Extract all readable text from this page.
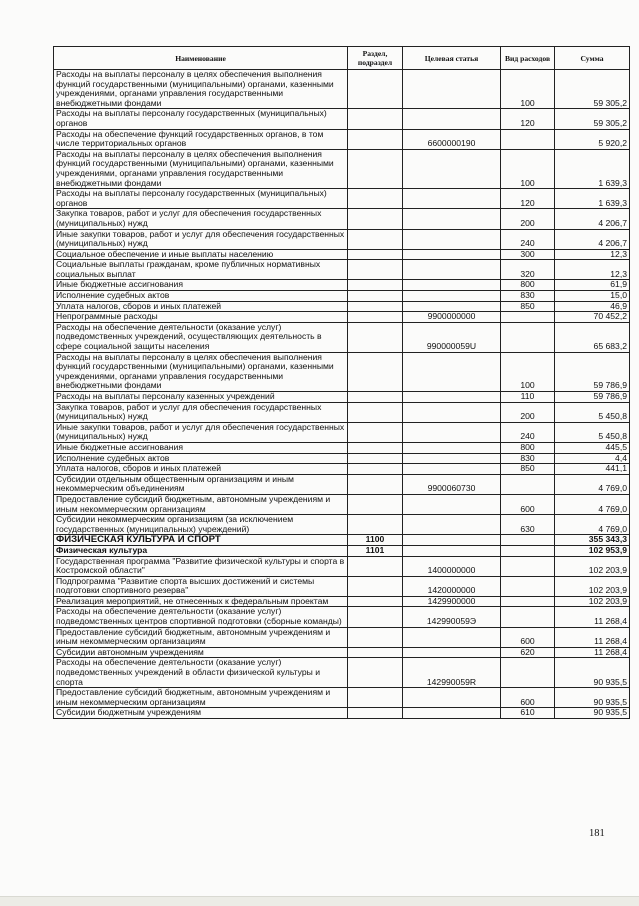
Наименование	Раздел, подраздел	Целевая статья	Вид расходов	Сумма
Расходы на выплаты персоналу в целях обеспечения выполнения функций государственными (муниципальными) органами, казенными учреждениями, органами управления государственными внебюджетными фондами			100	59 305,2
Расходы на выплаты персоналу государственных (муниципальных) органов			120	59 305,2
Расходы на обеспечение функций государственных органов, в том числе территориальных органов		6600000190		5 920,2
Расходы на выплаты персоналу в целях обеспечения выполнения функций государственными (муниципальными) органами, казенными учреждениями, органами управления государственными внебюджетными фондами			100	1 639,3
Расходы на выплаты персоналу государственных (муниципальных) органов			120	1 639,3
Закупка товаров, работ и услуг для обеспечения государственных (муниципальных) нужд			200	4 206,7
Иные закупки товаров, работ и услуг для обеспечения государственных (муниципальных) нужд			240	4 206,7
Социальное обеспечение и иные выплаты населению			300	12,3
Социальные выплаты гражданам, кроме публичных нормативных социальных выплат			320	12,3
Иные бюджетные ассигнования			800	61,9
Исполнение судебных актов			830	15,0
Уплата налогов, сборов и иных платежей			850	46,9
Непрограммные расходы		9900000000		70 452,2
Расходы на обеспечение деятельности (оказание услуг) подведомственных учреждений, осуществляющих деятельность в сфере социальной защиты населения		990000059U		65 683,2
Расходы на выплаты персоналу в целях обеспечения выполнения функций государственными (муниципальными) органами, казенными учреждениями, органами управления государственными внебюджетными фондами			100	59 786,9
Расходы на выплаты персоналу казенных учреждений			110	59 786,9
Закупка товаров, работ и услуг для обеспечения государственных (муниципальных) нужд			200	5 450,8
Иные закупки товаров, работ и услуг для обеспечения государственных (муниципальных) нужд			240	5 450,8
Иные бюджетные ассигнования			800	445,5
Исполнение судебных актов			830	4,4
Уплата налогов, сборов и иных платежей			850	441,1
Субсидии отдельным общественным организациям и иным некоммерческим объединениям		9900060730		4 769,0
Предоставление субсидий бюджетным, автономным учреждениям и иным некоммерческим организациям			600	4 769,0
Субсидии некоммерческим организациям (за исключением государственных (муниципальных) учреждений)			630	4 769,0
ФИЗИЧЕСКАЯ КУЛЬТУРА И СПОРТ	1100			355 343,3
Физическая культура	1101			102 953,9
Государственная программа "Развитие физической культуры и спорта в Костромской области"		1400000000		102 203,9
Подпрограмма "Развитие спорта высших достижений и системы подготовки спортивного резерва"		1420000000		102 203,9
Реализация мероприятий, не отнесенных к федеральным проектам		1429900000		102 203,9
Расходы на обеспечение деятельности (оказание услуг) подведомственных центров спортивной подготовки (сборные команды)		142990059Э		11 268,4
Предоставление субсидий бюджетным, автономным учреждениям и иным некоммерческим организациям			600	11 268,4
Субсидии автономным учреждениям			620	11 268,4
Расходы на обеспечение деятельности (оказание услуг) подведомственных учреждений в области физической культуры и спорта		142990059R		90 935,5
Предоставление субсидий бюджетным, автономным учреждениям и иным некоммерческим организациям			600	90 935,5
Субсидии бюджетным учреждениям			610	90 935,5
181
